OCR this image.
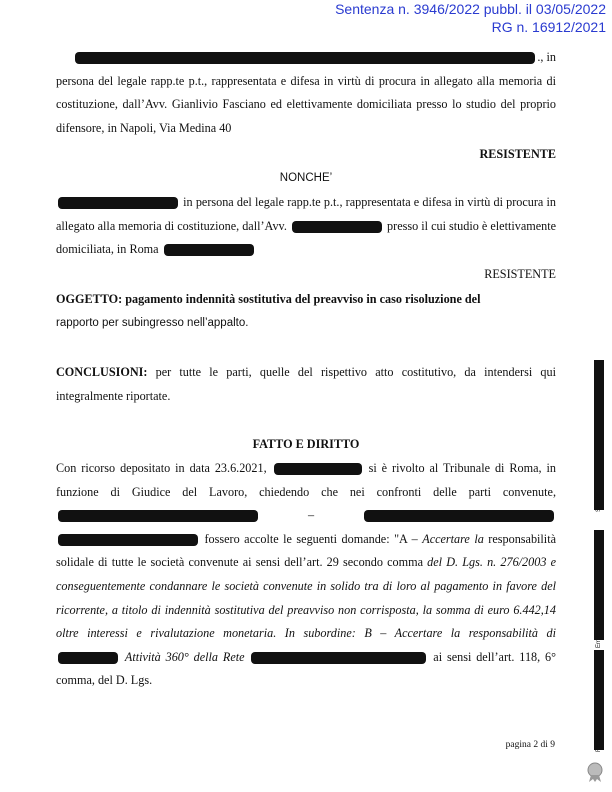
Sentenza n. 3946/2022 pubbl. il 03/05/2022
RG n. 16912/2021

., in

persona del legale rapp.te p.t., rappresentata e difesa in virtù di procura in allegato alla memoria di costituzione, dall’Avv. Gianlivio Fasciano ed elettivamente domiciliata presso lo studio del proprio difensore, in Napoli, Via Medina 40

RESISTENTE
NONCHE’

in persona del legale rapp.te p.t., rappresentata e difesa in virtù di procura in allegato alla memoria di costituzione, dall’Avv.	presso il cui studio è elettivamente domiciliata, in Roma

RESISTENTE

OGGETTO: pagamento indennità sostitutiva del preavviso in caso risoluzione del

rapporto per subingresso nell’appalto.

CONCLUSIONI: per tutte le parti, quelle del rispettivo atto costitutivo, da intendersi qui integralmente riportate.

FATTO E DIRITTO

Con ricorso depositato in data 23.6.2021,	si è rivolto al Tribunale di Roma, in funzione di Giudice del Lavoro, chiedendo che nei confronti delle parti convenute,  –   fossero accolte le seguenti domande: "A – Accertare la responsabilità solidale di tutte le società convenute ai sensi dell’art. 29 secondo comma del D. Lgs. n. 276/2003 e conseguentemente condannare le società convenute in solido tra di loro al pagamento in favore del ricorrente, a titolo di indennità sostitutiva del preavviso non corrisposta, la somma di euro 6.442,14 oltre interessi e rivalutazione monetaria. In subordine: B – Accertare la responsabilità di  Attività 360° della Rete	ai sensi dell’art. 118, 6° comma, del D. Lgs.

pagina 2 di 9
Serial#:
Emesso Da:
Firmato Da:
